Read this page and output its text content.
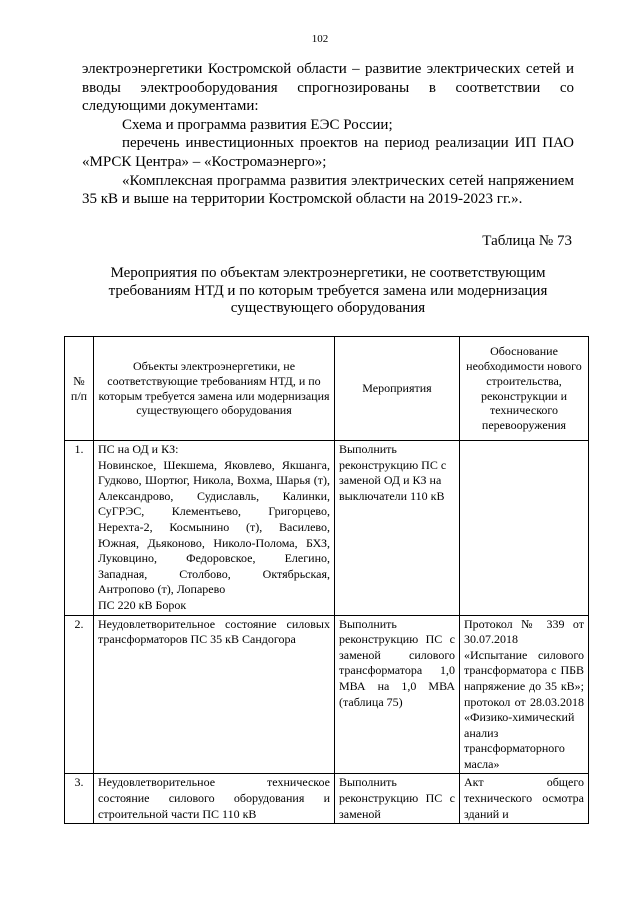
102

электроэнергетики Костромской области – развитие электрических сетей и вводы электрооборудования спрогнозированы в соответствии со следующими документами:

Схема и программа развития ЕЭС России;

перечень инвестиционных проектов на период реализации ИП ПАО «МРСК Центра» – «Костромаэнерго»;

«Комплексная программа развития электрических сетей напряжением 35 кВ и выше на территории Костромской области на 2019-2023 гг.».

Таблица № 73
Мероприятия по объектам электроэнергетики, не соответствующим требованиям НТД и по которым требуется замена или модернизация существующего оборудования
№ п/п	Объекты электроэнергетики, не соответствующие требованиям НТД, и по которым требуется замена или модернизация существующего оборудования	Мероприятия	Обоснование необходимости нового строительства, реконструкции и технического перевооружения
1.	ПС на ОД и КЗ:
Новинское, Шекшема, Яковлево, Якшанга, Гудково, Шортюг, Никола, Вохма, Шарья (т), Александрово, Судиславль, Калинки, СуГРЭС, Клементьево, Григорцево, Нерехта-2, Космынино (т), Василево, Южная, Дьяконово, Николо-Полома, БХЗ, Луковцино, Федоровское, Елегино, Западная, Столбово, Октябрьская, Антропово (т), Лопарево
ПС 220 кВ Борок	Выполнить реконструкцию ПС с заменой ОД и КЗ на выключатели 110 кВ	
2.	Неудовлетворительное состояние силовых трансформаторов ПС 35 кВ Сандогора	Выполнить реконструкцию ПС с заменой силового трансформатора 1,0 МВА на 1,0 МВА (таблица 75)	Протокол № 339 от 30.07.2018 «Испытание силового трансформатора с ПБВ напряжение до 35 кВ»; протокол от 28.03.2018 «Физико-химический анализ трансформаторного масла»
3.	Неудовлетворительное техническое состояние силового оборудования и строительной части ПС 110 кВ	Выполнить реконструкцию ПС с заменой	Акт общего технического осмотра зданий и
